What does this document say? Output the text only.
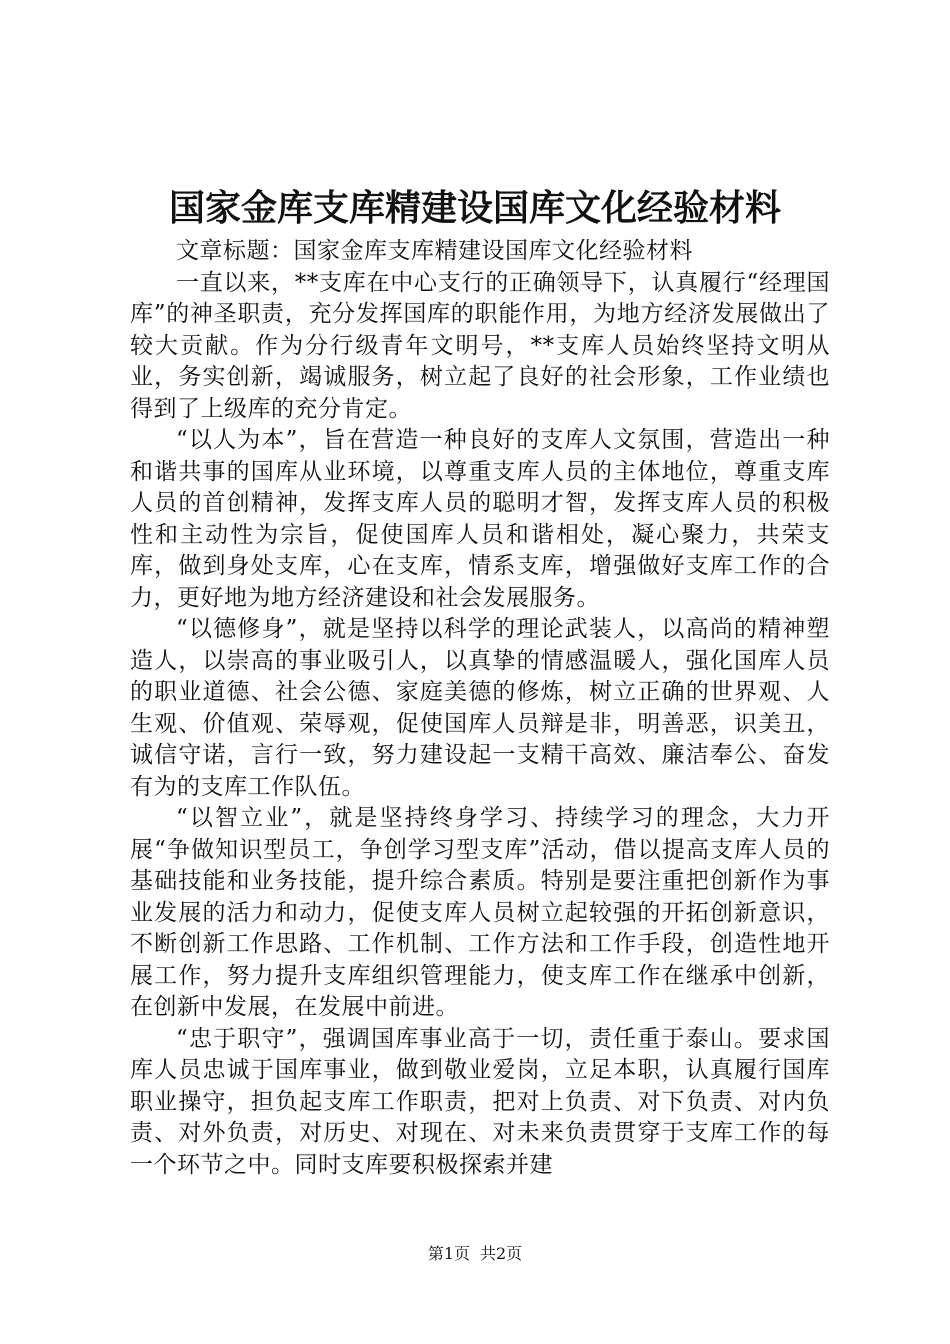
国家金库支库精建设国库文化经验材料

文章标题：国家金库支库精建设国库文化经验材料

一直以来，**支库在中心支行的正确领导下，认真履行“经理国库”的神圣职责，充分发挥国库的职能作用，为地方经济发展做出了较大贡献。作为分行级青年文明号，**支库人员始终坚持文明从业，务实创新，竭诚服务，树立起了良好的社会形象，工作业绩也得到了上级库的充分肯定。

“以人为本”，旨在营造一种良好的支库人文氛围，营造出一种和谐共事的国库从业环境，以尊重支库人员的主体地位，尊重支库人员的首创精神，发挥支库人员的聪明才智，发挥支库人员的积极性和主动性为宗旨，促使国库人员和谐相处，凝心聚力，共荣支库，做到身处支库，心在支库，情系支库，增强做好支库工作的合力，更好地为地方经济建设和社会发展服务。

“以德修身”，就是坚持以科学的理论武装人，以高尚的精神塑造人，以崇高的事业吸引人，以真挚的情感温暖人，强化国库人员的职业道德、社会公德、家庭美德的修炼，树立正确的世界观、人生观、价值观、荣辱观，促使国库人员辩是非，明善恶，识美丑，诚信守诺，言行一致，努力建设起一支精干高效、廉洁奉公、奋发有为的支库工作队伍。

“以智立业”，就是坚持终身学习、持续学习的理念，大力开展“争做知识型员工，争创学习型支库”活动，借以提高支库人员的基础技能和业务技能，提升综合素质。特别是要注重把创新作为事业发展的活力和动力，促使支库人员树立起较强的开拓创新意识，不断创新工作思路、工作机制、工作方法和工作手段，创造性地开展工作，努力提升支库组织管理能力，使支库工作在继承中创新，在创新中发展，在发展中前进。

“忠于职守”，强调国库事业高于一切，责任重于泰山。要求国库人员忠诚于国库事业，做到敬业爱岗，立足本职，认真履行国库职业操守，担负起支库工作职责，把对上负责、对下负责、对内负责、对外负责，对历史、对现在、对未来负责贯穿于支库工作的每一个环节之中。同时支库要积极探索并建

第1页 共2页
